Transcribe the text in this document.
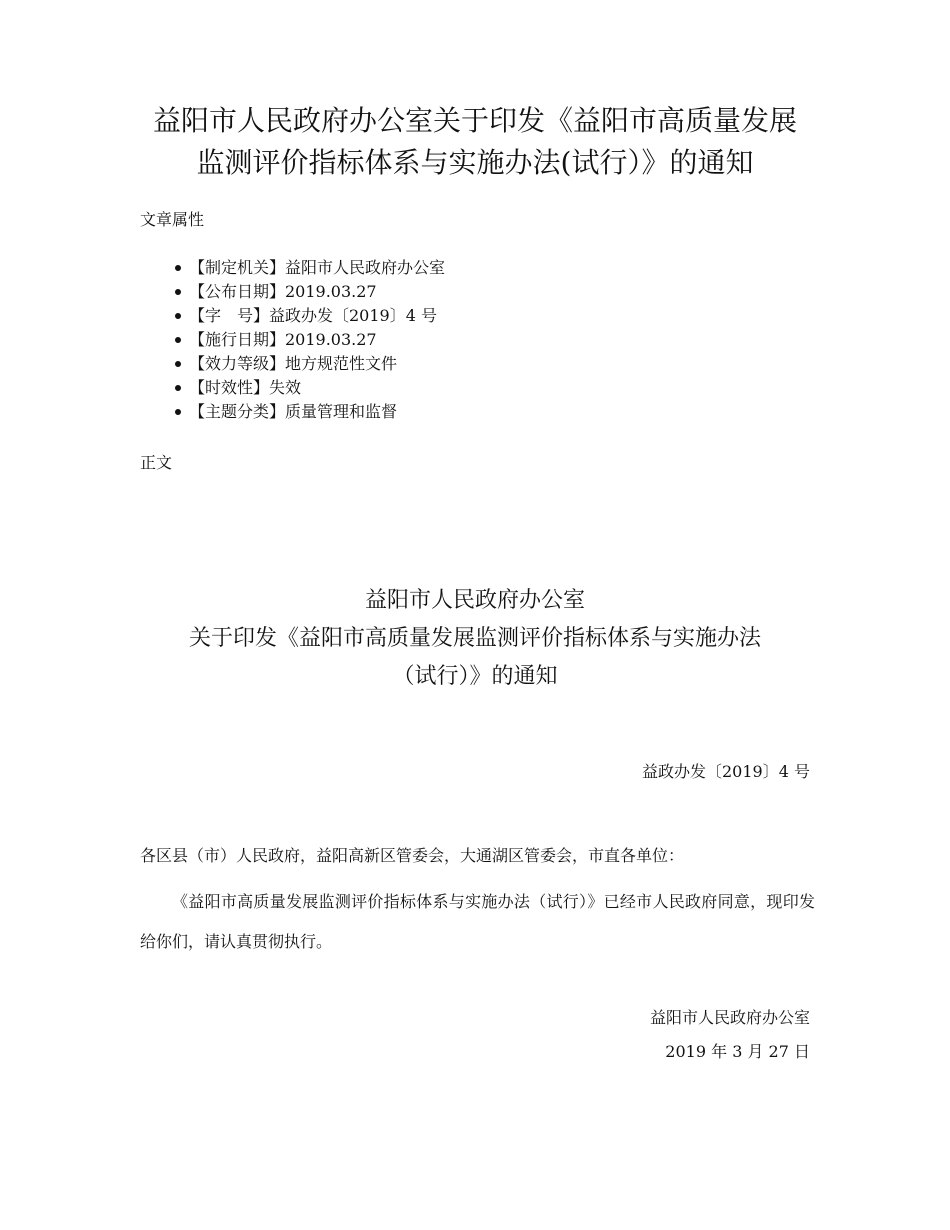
益阳市人民政府办公室关于印发《益阳市高质量发展
监测评价指标体系与实施办法(试行）》的通知

文章属性

【制定机关】益阳市人民政府办公室
【公布日期】2019.03.27
【字　号】益政办发〔2019〕4 号
【施行日期】2019.03.27
【效力等级】地方规范性文件
【时效性】失效
【主题分类】质量管理和监督

正文

益阳市人民政府办公室
关于印发《益阳市高质量发展监测评价指标体系与实施办法
（试行）》的通知
益政办发〔2019〕4 号
各区县（市）人民政府，益阳高新区管委会，大通湖区管委会，市直各单位：

《益阳市高质量发展监测评价指标体系与实施办法（试行）》已经市人民政府同意，现印发给你们，请认真贯彻执行。

益阳市人民政府办公室
2019 年 3 月 27 日
